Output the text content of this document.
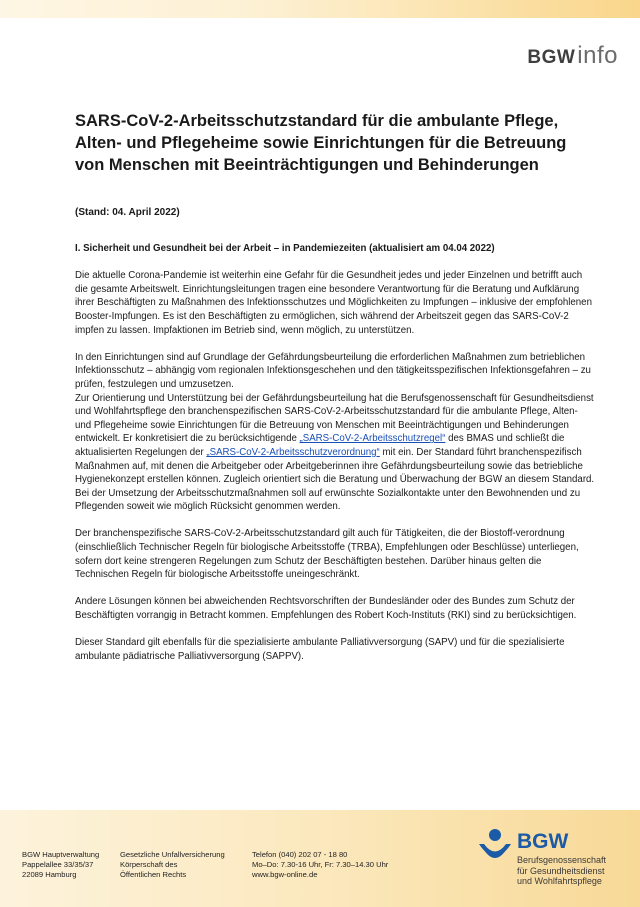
BGWinfo
SARS-CoV-2-Arbeitsschutzstandard für die ambulante Pflege, Alten- und Pflegeheime sowie Einrichtungen für die Betreuung von Menschen mit Beeinträchtigungen und Behinderungen
(Stand: 04. April 2022)

I. Sicherheit und Gesundheit bei der Arbeit – in Pandemiezeiten (aktualisiert am 04.04 2022)

Die aktuelle Corona-Pandemie ist weiterhin eine Gefahr für die Gesundheit jedes und jeder Einzelnen und betrifft auch die gesamte Arbeitswelt. Einrichtungsleitungen tragen eine besondere Verantwortung für die Beratung und Aufklärung ihrer Beschäftigten zu Maßnahmen des Infektionsschutzes und Möglichkeiten zu Impfungen – inklusive der empfohlenen Booster-Impfungen. Es ist den Beschäftigten zu ermöglichen, sich während der Arbeitszeit gegen das SARS-CoV-2 impfen zu lassen. Impfaktionen im Betrieb sind, wenn möglich, zu unterstützen.

In den Einrichtungen sind auf Grundlage der Gefährdungsbeurteilung die erforderlichen Maßnahmen zum betrieblichen Infektionsschutz – abhängig vom regionalen Infektionsgeschehen und den tätigkeitsspezifischen Infektionsgefahren – zu prüfen, festzulegen und umzusetzen.

Zur Orientierung und Unterstützung bei der Gefährdungsbeurteilung hat die Berufsgenossenschaft für Gesundheitsdienst und Wohlfahrtspflege den branchenspezifischen SARS-CoV-2-Arbeitsschutzstandard für die ambulante Pflege, Alten- und Pflegeheime sowie Einrichtungen für die Betreuung von Menschen mit Beeinträchtigungen und Behinderungen entwickelt. Er konkretisiert die zu berücksichtigende „SARS-CoV-2-Arbeitsschutzregel“ des BMAS und schließt die aktualisierten Regelungen der „SARS-CoV-2-Arbeitsschutzverordnung“ mit ein. Der Standard führt branchenspezifisch Maßnahmen auf, mit denen die Arbeitgeber oder Arbeitgeberinnen ihre Gefährdungsbeurteilung sowie das betriebliche Hygienekonzept erstellen können. Zugleich orientiert sich die Beratung und Überwachung der BGW an diesem Standard. Bei der Umsetzung der Arbeitsschutzmaßnahmen soll auf erwünschte Sozialkontakte unter den Bewohnenden und zu Pflegenden soweit wie möglich Rücksicht genommen werden.

Der branchenspezifische SARS-CoV-2-Arbeitsschutzstandard gilt auch für Tätigkeiten, die der Biostoff-verordnung (einschließlich Technischer Regeln für biologische Arbeitsstoffe (TRBA), Empfehlungen oder Beschlüsse) unterliegen, sofern dort keine strengeren Regelungen zum Schutz der Beschäftigten bestehen. Darüber hinaus gelten die Technischen Regeln für biologische Arbeitsstoffe uneingeschränkt.

Andere Lösungen können bei abweichenden Rechtsvorschriften der Bundesländer oder des Bundes zum Schutz der Beschäftigten vorrangig in Betracht kommen. Empfehlungen des Robert Koch-Instituts (RKI) sind zu berücksichtigen.

Dieser Standard gilt ebenfalls für die spezialisierte ambulante Palliativversorgung (SAPV) und für die spezialisierte ambulante pädiatrische Palliativversorgung (SAPPV).

BGW Hauptverwaltung
Pappelallee 33/35/37
22089 Hamburg
Gesetzliche Unfallversicherung
Körperschaft des
Öffentlichen Rechts
Telefon (040) 202 07 - 18 80
Mo–Do: 7.30-16 Uhr, Fr: 7.30–14.30 Uhr
www.bgw-online.de
BGW
Berufsgenossenschaft
für Gesundheitsdienst
und Wohlfahrtspflege
